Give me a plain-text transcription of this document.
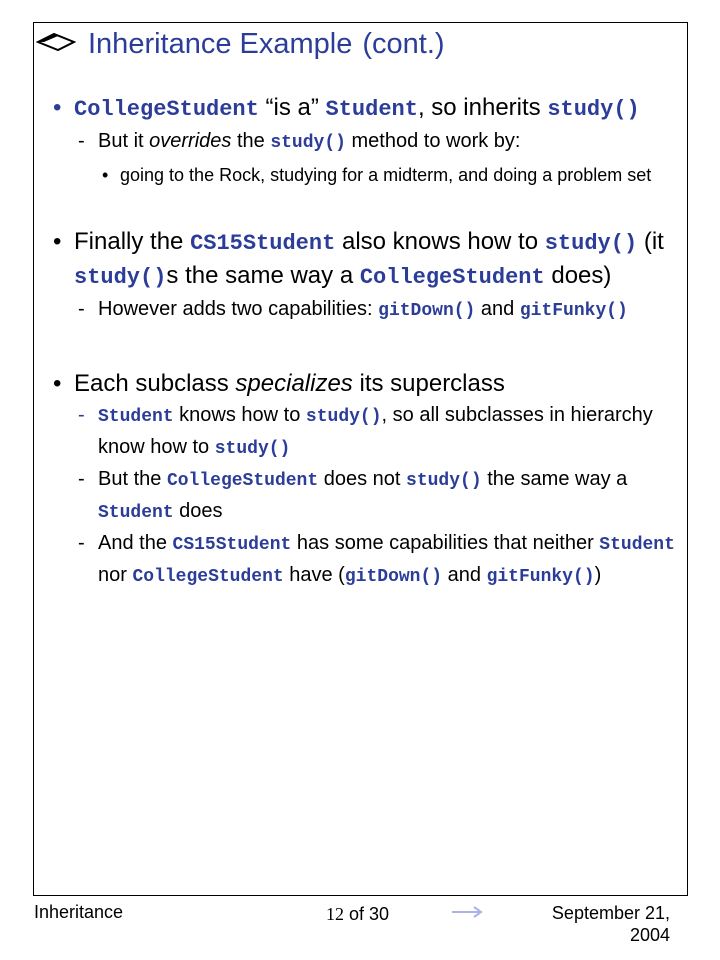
Inheritance Example (cont.)
• CollegeStudent “is a” Student, so inherits study()
- But it overrides the study() method to work by:
• going to the Rock, studying for a midterm, and doing a problem set
• Finally the CS15Student also knows how to study() (it study()s the same way a CollegeStudent does)
- However adds two capabilities: gitDown() and gitFunky()
• Each subclass specializes its superclass
- Student knows how to study(), so all subclasses in hierarchy know how to study()
- But the CollegeStudent does not study() the same way a Student does
- And the CS15Student has some capabilities that neither Student nor CollegeStudent have (gitDown() and gitFunky())
Inheritance	12 of 30	September 21, 2004
